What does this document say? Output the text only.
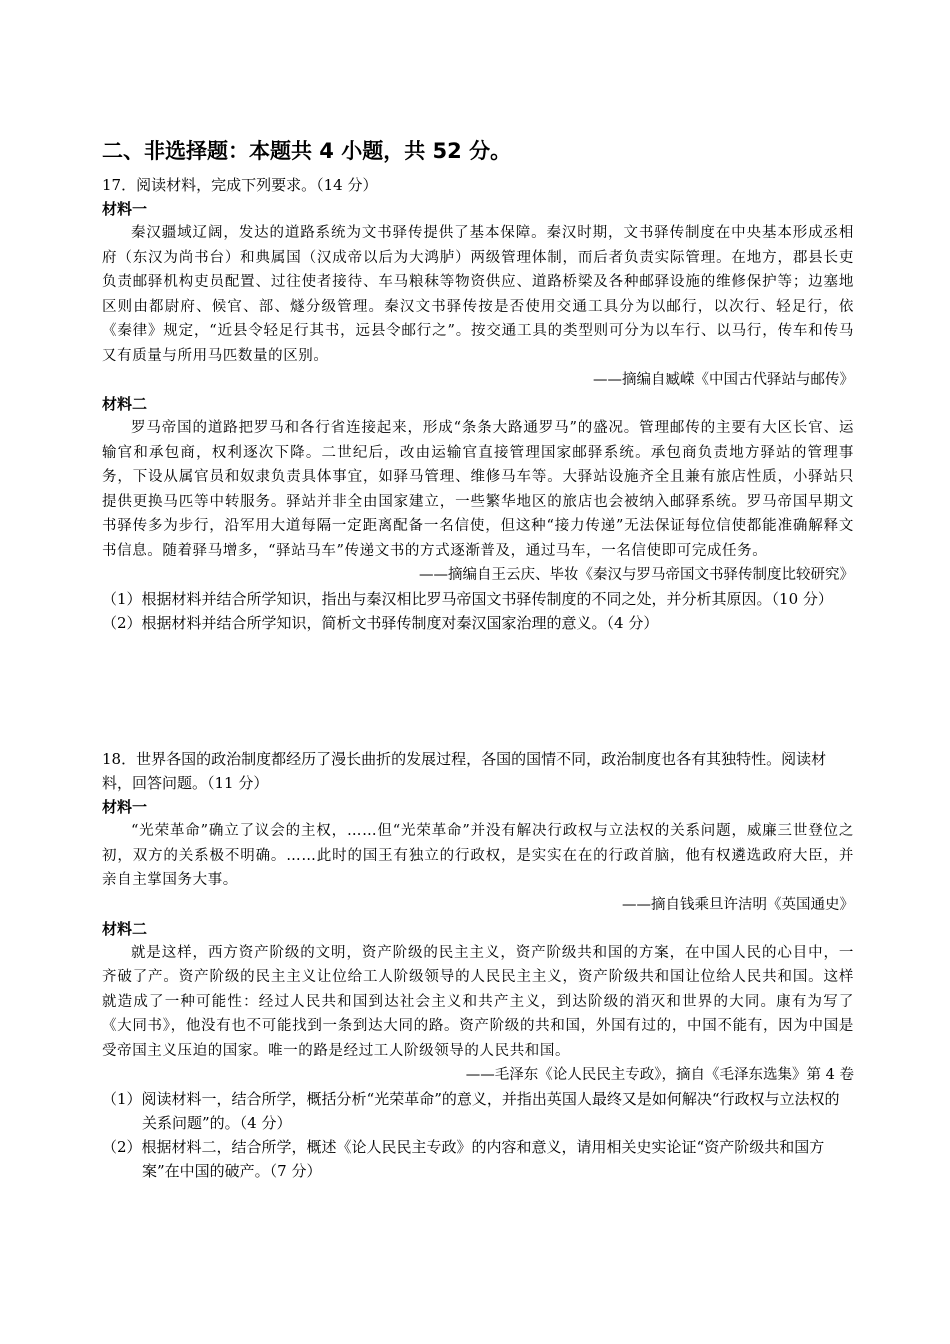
二、非选择题：本题共 4 小题，共 52 分。

17．阅读材料，完成下列要求。（14 分）

材料一

秦汉疆域辽阔，发达的道路系统为文书驿传提供了基本保障。秦汉时期，文书驿传制度在中央基本形成丞相府（东汉为尚书台）和典属国（汉成帝以后为大鸿胪）两级管理体制，而后者负责实际管理。在地方，郡县长吏负责邮驿机构吏员配置、过往使者接待、车马粮秣等物资供应、道路桥梁及各种邮驿设施的维修保护等；边塞地区则由都尉府、候官、部、燧分级管理。秦汉文书驿传按是否使用交通工具分为以邮行，以次行、轻足行，依《秦律》规定，“近县令轻足行其书，远县令邮行之”。按交通工具的类型则可分为以车行、以马行，传车和传马又有质量与所用马匹数量的区别。

——摘编自臧嵘《中国古代驿站与邮传》

材料二

罗马帝国的道路把罗马和各行省连接起来，形成“条条大路通罗马”的盛况。管理邮传的主要有大区长官、运输官和承包商，权利逐次下降。二世纪后，改由运输官直接管理国家邮驿系统。承包商负责地方驿站的管理事务，下设从属官员和奴隶负责具体事宜，如驿马管理、维修马车等。大驿站设施齐全且兼有旅店性质，小驿站只提供更换马匹等中转服务。驿站并非全由国家建立，一些繁华地区的旅店也会被纳入邮驿系统。罗马帝国早期文书驿传多为步行，沿军用大道每隔一定距离配备一名信使，但这种“接力传递”无法保证每位信使都能准确解释文书信息。随着驿马增多，“驿站马车”传递文书的方式逐渐普及，通过马车，一名信使即可完成任务。

——摘编自王云庆、毕妆《秦汉与罗马帝国文书驿传制度比较研究》

（1）根据材料并结合所学知识，指出与秦汉相比罗马帝国文书驿传制度的不同之处，并分析其原因。（10 分）

（2）根据材料并结合所学知识，简析文书驿传制度对秦汉国家治理的意义。（4 分）

18．世界各国的政治制度都经历了漫长曲折的发展过程，各国的国情不同，政治制度也各有其独特性。阅读材料，回答问题。（11 分）

材料一

“光荣革命”确立了议会的主权，……但“光荣革命”并没有解决行政权与立法权的关系问题，威廉三世登位之初，双方的关系极不明确。……此时的国王有独立的行政权，是实实在在的行政首脑，他有权遴选政府大臣，并亲自主掌国务大事。

——摘自钱乘旦许洁明《英国通史》

材料二

就是这样，西方资产阶级的文明，资产阶级的民主主义，资产阶级共和国的方案，在中国人民的心目中，一齐破了产。资产阶级的民主主义让位给工人阶级领导的人民民主主义，资产阶级共和国让位给人民共和国。这样就造成了一种可能性：经过人民共和国到达社会主义和共产主义，到达阶级的消灭和世界的大同。康有为写了《大同书》，他没有也不可能找到一条到达大同的路。资产阶级的共和国，外国有过的，中国不能有，因为中国是受帝国主义压迫的国家。唯一的路是经过工人阶级领导的人民共和国。

——毛泽东《论人民民主专政》，摘自《毛泽东选集》第 4 卷

（1）阅读材料一，结合所学，概括分析“光荣革命”的意义，并指出英国人最终又是如何解决“行政权与立法权的关系问题”的。（4 分）

（2）根据材料二，结合所学，概述《论人民民主专政》的内容和意义，请用相关史实论证“资产阶级共和国方案”在中国的破产。（7 分）
